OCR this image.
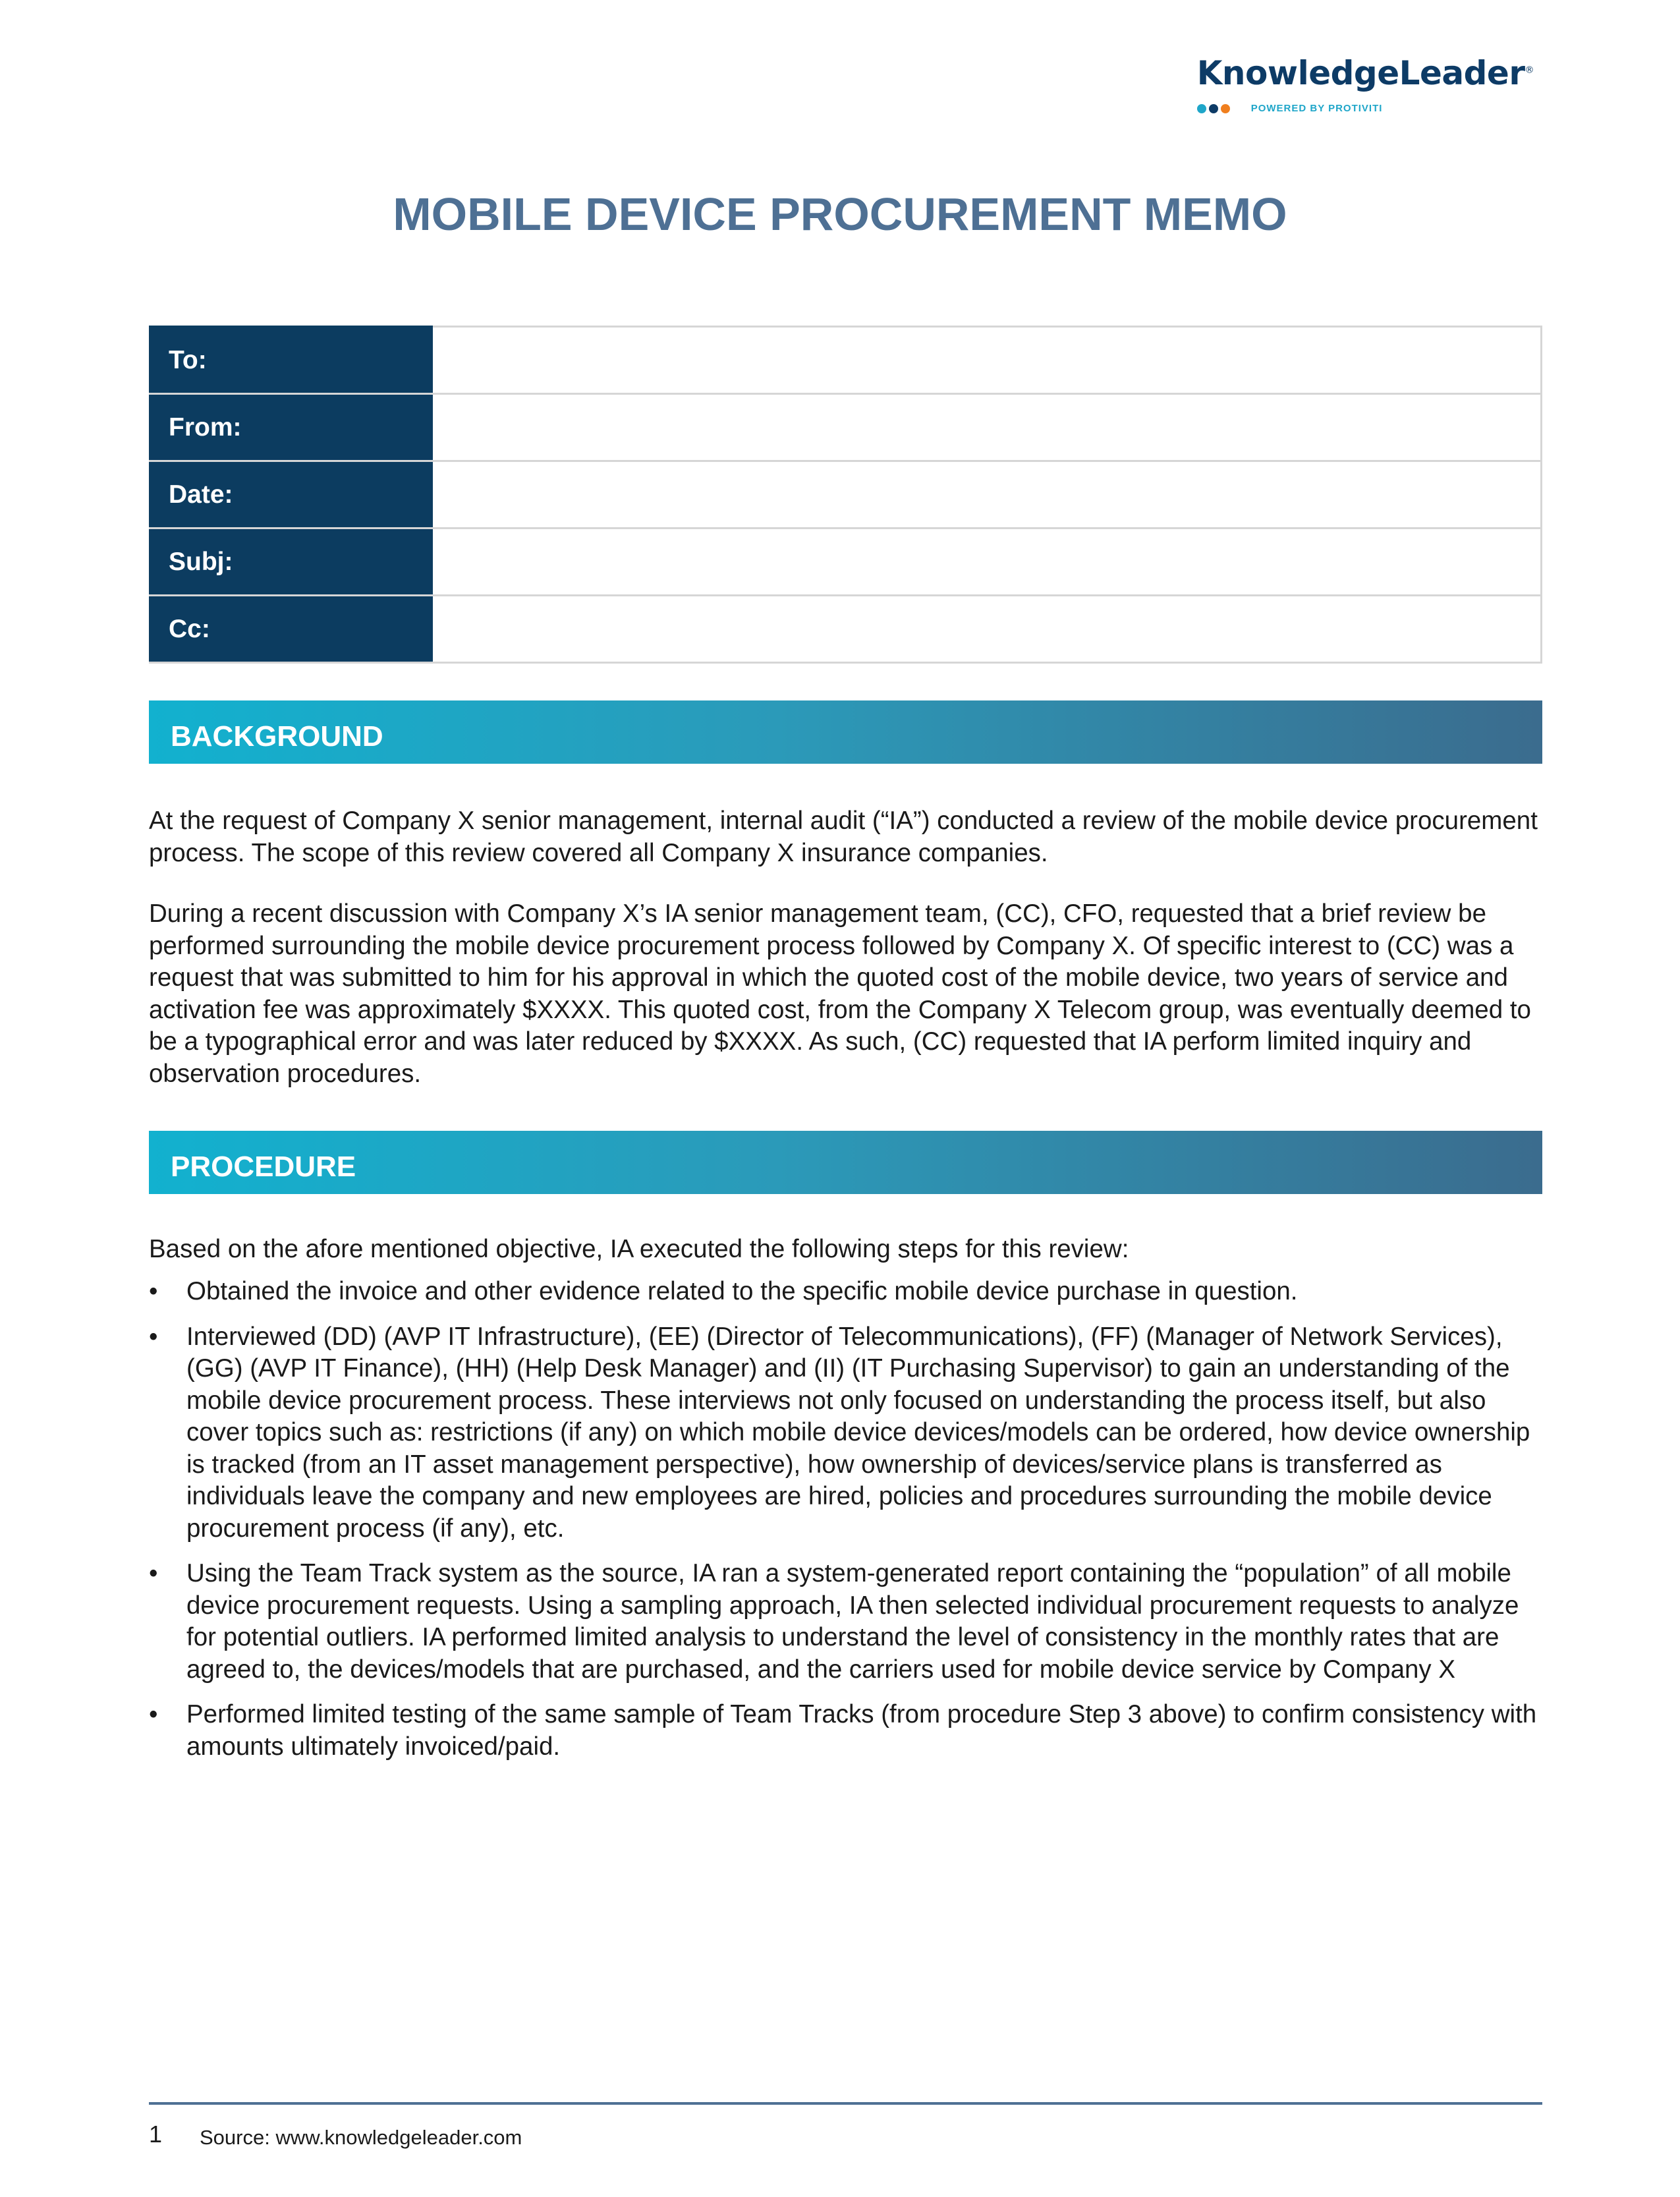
KnowledgeLeader®
POWERED BY PROTIVITI
MOBILE DEVICE PROCUREMENT MEMO
To:	
From:	
Date:	
Subj:	
Cc:	
BACKGROUND

At the request of Company X senior management, internal audit (“IA”) conducted a review of the mobile device procurement process. The scope of this review covered all Company X insurance companies.

During a recent discussion with Company X’s IA senior management team, (CC), CFO, requested that a brief review be performed surrounding the mobile device procurement process followed by Company X. Of specific interest to (CC) was a request that was submitted to him for his approval in which the quoted cost of the mobile device, two years of service and activation fee was approximately $XXXX. This quoted cost, from the Company X Telecom group, was eventually deemed to be a typographical error and was later reduced by $XXXX. As such, (CC) requested that IA perform limited inquiry and observation procedures.

PROCEDURE

Based on the afore mentioned objective, IA executed the following steps for this review:

• Obtained the invoice and other evidence related to the specific mobile device purchase in question.
• Interviewed (DD) (AVP IT Infrastructure), (EE) (Director of Telecommunications), (FF) (Manager of Network Services), (GG) (AVP IT Finance), (HH) (Help Desk Manager) and (II) (IT Purchasing Supervisor) to gain an understanding of the mobile device procurement process. These interviews not only focused on understanding the process itself, but also cover topics such as: restrictions (if any) on which mobile device devices/models can be ordered, how device ownership is tracked (from an IT asset management perspective), how ownership of devices/service plans is transferred as individuals leave the company and new employees are hired, policies and procedures surrounding the mobile device procurement process (if any), etc.
• Using the Team Track system as the source, IA ran a system-generated report containing the “population” of all mobile device procurement requests. Using a sampling approach, IA then selected individual procurement requests to analyze for potential outliers. IA performed limited analysis to understand the level of consistency in the monthly rates that are agreed to, the devices/models that are purchased, and the carriers used for mobile device service by Company X
• Performed limited testing of the same sample of Team Tracks (from procedure Step 3 above) to confirm consistency with amounts ultimately invoiced/paid.
1 Source: www.knowledgeleader.com
